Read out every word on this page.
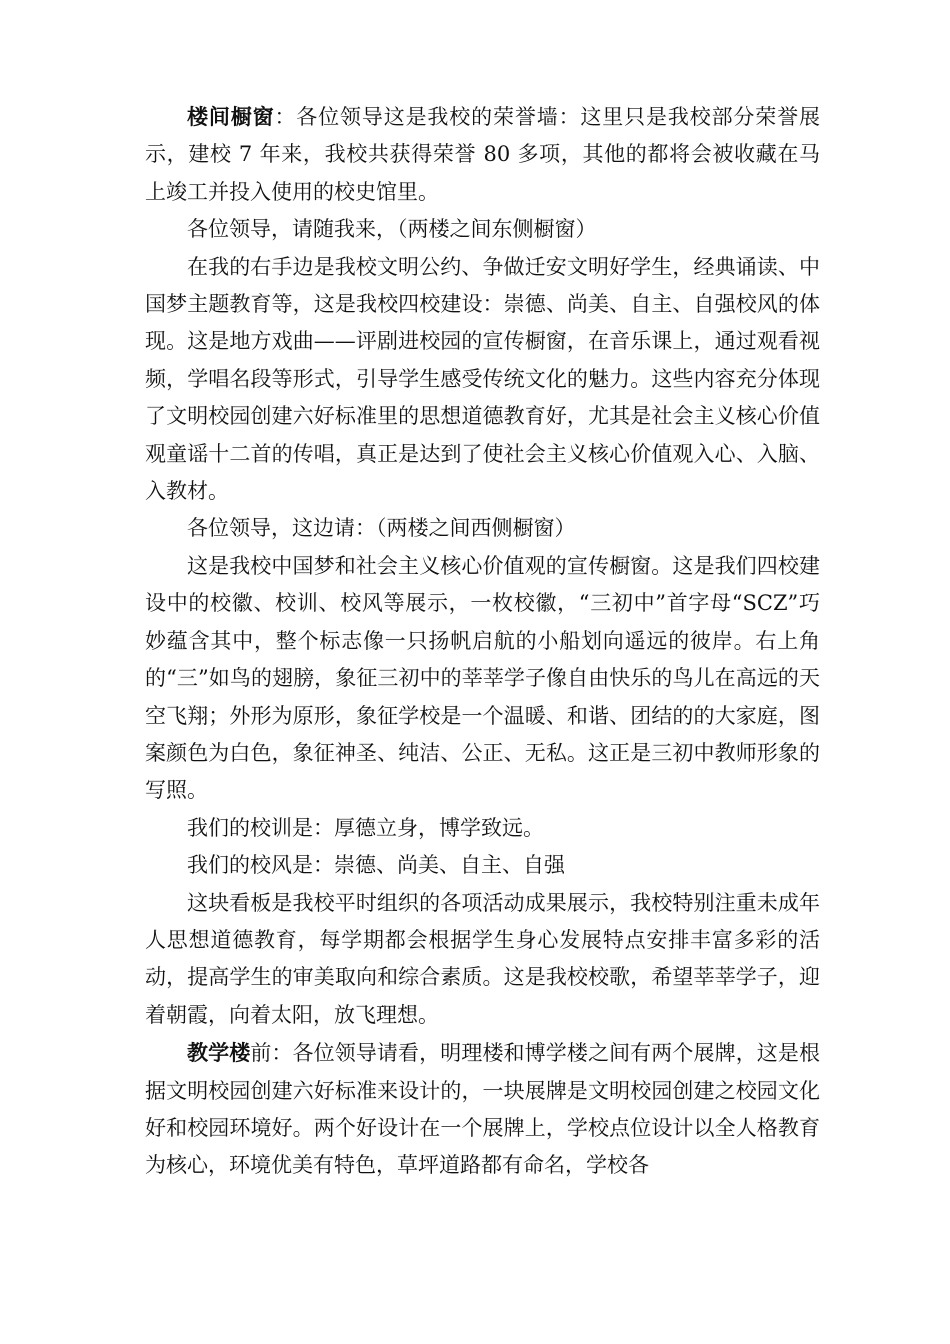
楼间橱窗：各位领导这是我校的荣誉墙：这里只是我校部分荣誉展示，建校 7 年来，我校共获得荣誉 80 多项，其他的都将会被收藏在马上竣工并投入使用的校史馆里。

各位领导，请随我来，（两楼之间东侧橱窗）

在我的右手边是我校文明公约、争做迁安文明好学生，经典诵读、中国梦主题教育等，这是我校四校建设：崇德、尚美、自主、自强校风的体现。这是地方戏曲——评剧进校园的宣传橱窗，在音乐课上，通过观看视频，学唱名段等形式，引导学生感受传统文化的魅力。这些内容充分体现了文明校园创建六好标准里的思想道德教育好，尤其是社会主义核心价值观童谣十二首的传唱，真正是达到了使社会主义核心价值观入心、入脑、入教材。

各位领导，这边请：（两楼之间西侧橱窗）

这是我校中国梦和社会主义核心价值观的宣传橱窗。这是我们四校建设中的校徽、校训、校风等展示，一枚校徽，“三初中”首字母“SCZ”巧妙蕴含其中，整个标志像一只扬帆启航的小船划向遥远的彼岸。右上角的“三”如鸟的翅膀，象征三初中的莘莘学子像自由快乐的鸟儿在高远的天空飞翔；外形为原形，象征学校是一个温暖、和谐、团结的的大家庭，图案颜色为白色，象征神圣、纯洁、公正、无私。这正是三初中教师形象的写照。

我们的校训是：厚德立身，博学致远。

我们的校风是：崇德、尚美、自主、自强

这块看板是我校平时组织的各项活动成果展示，我校特别注重未成年人思想道德教育，每学期都会根据学生身心发展特点安排丰富多彩的活动，提高学生的审美取向和综合素质。这是我校校歌，希望莘莘学子，迎着朝霞，向着太阳，放飞理想。

教学楼前：各位领导请看，明理楼和博学楼之间有两个展牌，这是根据文明校园创建六好标准来设计的，一块展牌是文明校园创建之校园文化好和校园环境好。两个好设计在一个展牌上，学校点位设计以全人格教育为核心，环境优美有特色，草坪道路都有命名，学校各
